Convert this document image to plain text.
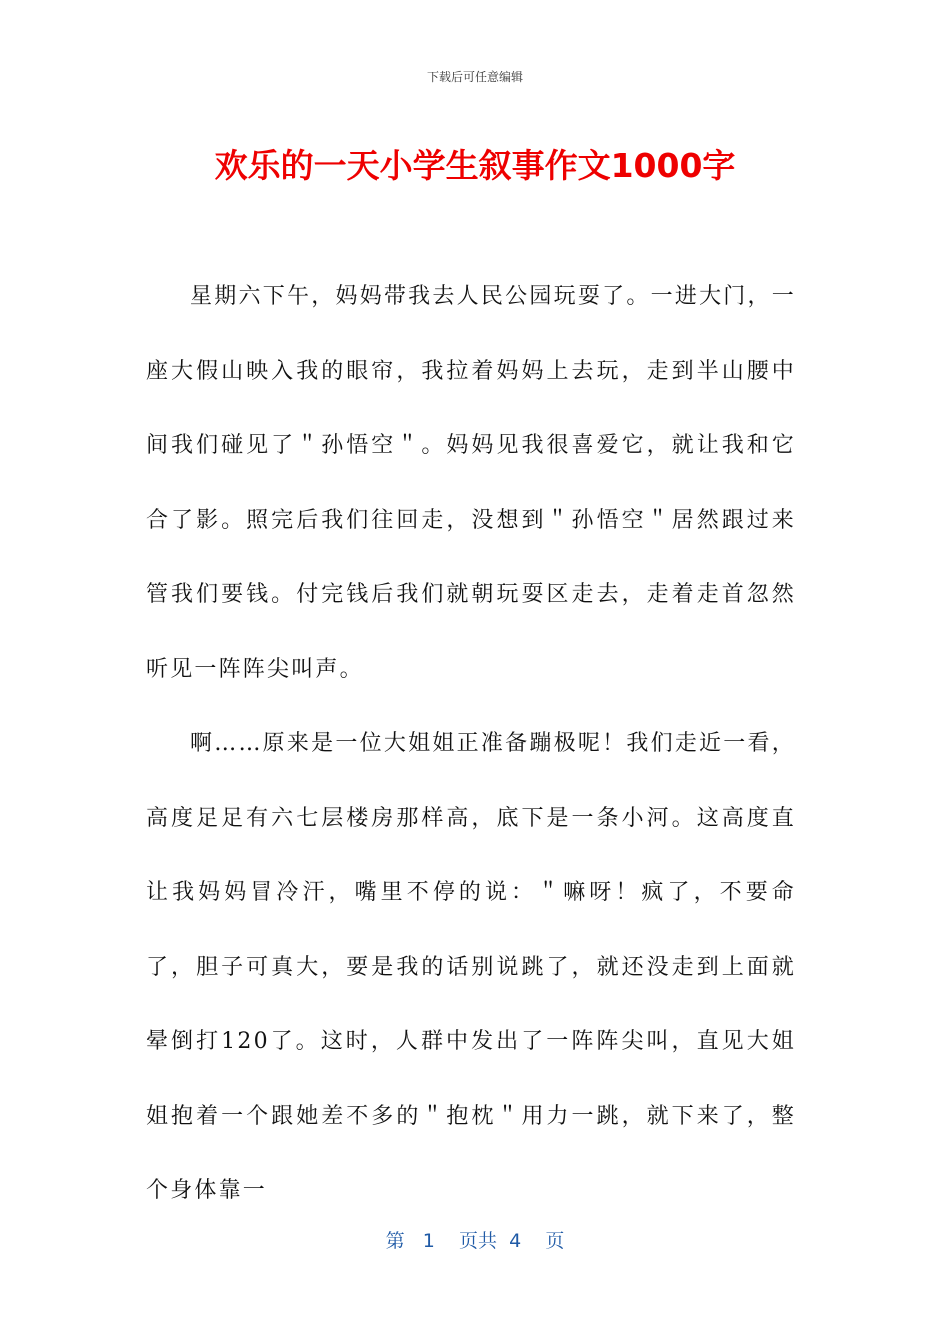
下载后可任意编辑
欢乐的一天小学生叙事作文1000字

星期六下午，妈妈带我去人民公园玩耍了。一进大门，一座大假山映入我的眼帘，我拉着妈妈上去玩，走到半山腰中间我们碰见了＂孙悟空＂。妈妈见我很喜爱它，就让我和它合了影。照完后我们往回走，没想到＂孙悟空＂居然跟过来管我们要钱。付完钱后我们就朝玩耍区走去，走着走首忽然听见一阵阵尖叫声。

啊……原来是一位大姐姐正准备蹦极呢！我们走近一看，高度足足有六七层楼房那样高，底下是一条小河。这高度直让我妈妈冒冷汗，嘴里不停的说：＂嘛呀！疯了，不要命了，胆子可真大，要是我的话别说跳了，就还没走到上面就晕倒打120了。这时，人群中发出了一阵阵尖叫，直见大姐姐抱着一个跟她差不多的＂抱枕＂用力一跳，就下来了，整个身体靠一

第 1 页共 4 页
